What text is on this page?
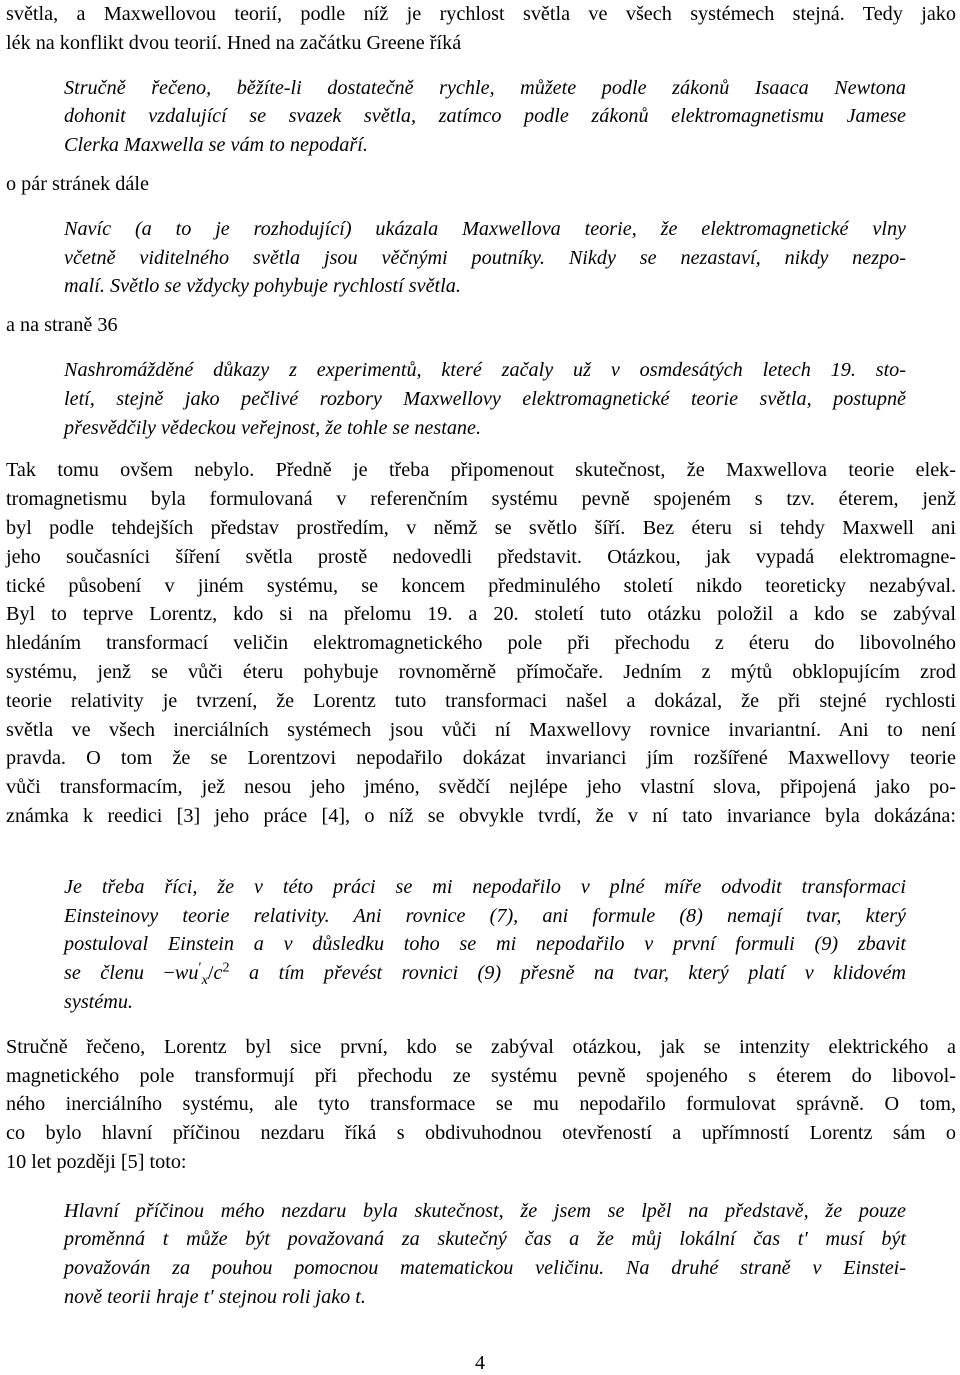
světla, a Maxwellovou teorií, podle níž je rychlost světla ve všech systémech stejná. Tedy jako
lék na konflikt dvou teorií. Hned na začátku Greene říká
Stručně řečeno, běžíte-li dostatečně rychle, můžete podle zákonů Isaaca Newtona
dohonit vzdalující se svazek světla, zatímco podle zákonů elektromagnetismu Jamese
Clerka Maxwella se vám to nepodaří.
o pár stránek dále
Navíc (a to je rozhodující) ukázala Maxwellova teorie, že elektromagnetické vlny
včetně viditelného světla jsou věčnými poutníky. Nikdy se nezastaví, nikdy nezpo-
malí. Světlo se vždycky pohybuje rychlostí světla.
a na straně 36
Nashromážděné důkazy z experimentů, které začaly už v osmdesátých letech 19. sto-
letí, stejně jako pečlivé rozbory Maxwellovy elektromagnetické teorie světla, postupně
přesvědčily vědeckou veřejnost, že tohle se nestane.
Tak tomu ovšem nebylo. Předně je třeba připomenout skutečnost, že Maxwellova teorie elek-
tromagnetismu byla formulovaná v referenčním systému pevně spojeném s tzv. éterem, jenž
byl podle tehdejších představ prostředím, v němž se světlo šíří. Bez éteru si tehdy Maxwell ani
jeho současníci šíření světla prostě nedovedli představit. Otázkou, jak vypadá elektromagne-
tické působení v jiném systému, se koncem předminulého století nikdo teoreticky nezabýval.
Byl to teprve Lorentz, kdo si na přelomu 19. a 20. století tuto otázku položil a kdo se zabýval
hledáním transformací veličin elektromagnetického pole při přechodu z éteru do libovolného
systému, jenž se vůči éteru pohybuje rovnoměrně přímočaře. Jedním z mýtů obklopujícím zrod
teorie relativity je tvrzení, že Lorentz tuto transformaci našel a dokázal, že při stejné rychlosti
světla ve všech inerciálních systémech jsou vůči ní Maxwellovy rovnice invariantní. Ani to není
pravda. O tom že se Lorentzovi nepodařilo dokázat invarianci jím rozšířené Maxwellovy teorie
vůči transformacím, jež nesou jeho jméno, svědčí nejlépe jeho vlastní slova, připojená jako po-
známka k reedici [3] jeho práce [4], o níž se obvykle tvrdí, že v ní tato invariance byla dokázána:
Je třeba říci, že v této práci se mi nepodařilo v plné míře odvodit transformaci
Einsteinovy teorie relativity. Ani rovnice (7), ani formule (8) nemají tvar, který
postuloval Einstein a v důsledku toho se mi nepodařilo v první formuli (9) zbavit
se členu $-wu'_x/c^2$ a tím převést rovnici (9) přesně na tvar, který platí v klidovém
systému.
Stručně řečeno, Lorentz byl sice první, kdo se zabýval otázkou, jak se intenzity elektrického a
magnetického pole transformují při přechodu ze systému pevně spojeného s éterem do libovol-
ného inerciálního systému, ale tyto transformace se mu nepodařilo formulovat správně. O tom,
co bylo hlavní příčinou nezdaru říká s obdivuhodnou otevřeností a upřímností Lorentz sám o
10 let později [5] toto:
Hlavní příčinou mého nezdaru byla skutečnost, že jsem se lpěl na představě, že pouze
proměnná t může být považovaná za skutečný čas a že můj lokální čas t′ musí být
považován za pouhou pomocnou matematickou veličinu. Na druhé straně v Einstei-
nově teorii hraje t′ stejnou roli jako t.
4
